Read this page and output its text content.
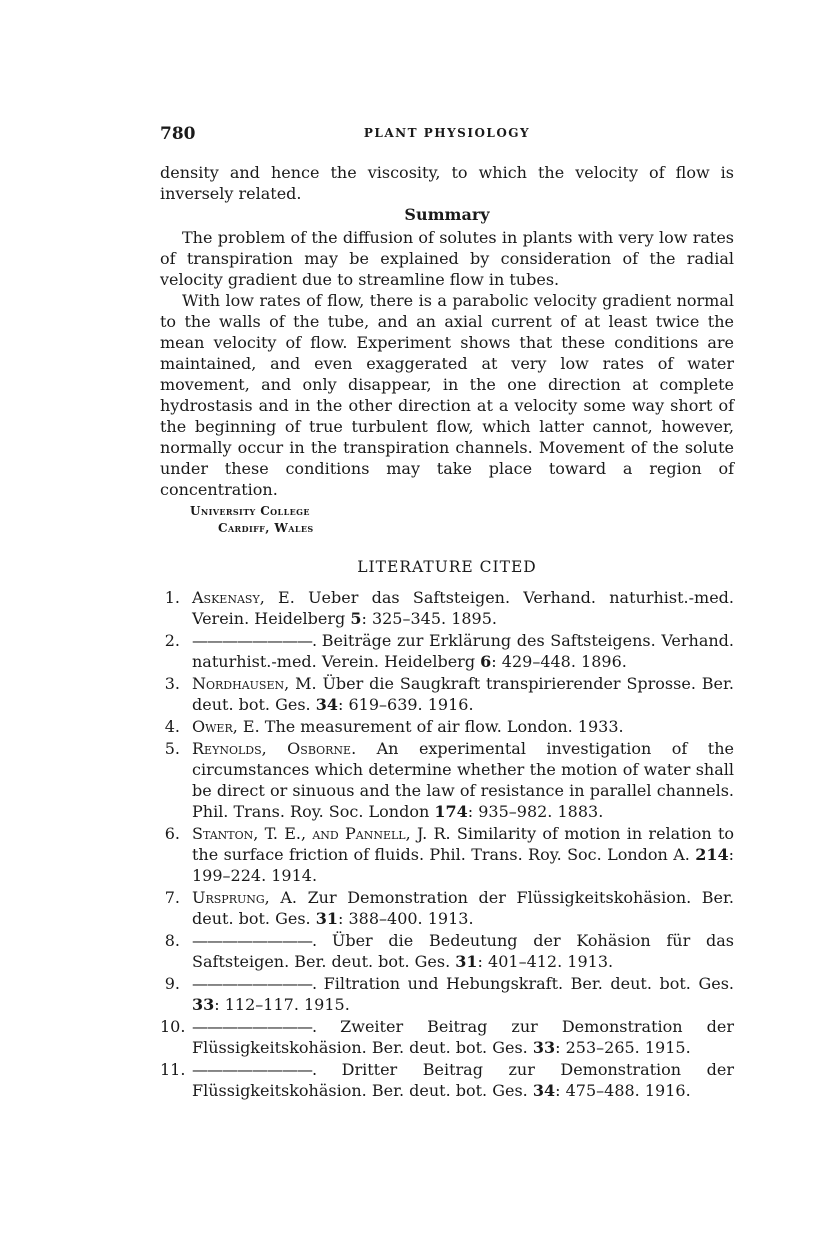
780	PLANT PHYSIOLOGY

density and hence the viscosity, to which the velocity of flow is inversely related.

Summary

The problem of the diffusion of solutes in plants with very low rates of transpiration may be explained by consideration of the radial velocity gradient due to streamline flow in tubes.

With low rates of flow, there is a parabolic velocity gradient normal to the walls of the tube, and an axial current of at least twice the mean velocity of flow. Experiment shows that these conditions are maintained, and even exaggerated at very low rates of water movement, and only disappear, in the one direction at complete hydrostasis and in the other direction at a velocity some way short of the beginning of true turbulent flow, which latter cannot, however, normally occur in the transpiration channels. Movement of the solute under these conditions may take place toward a region of concentration.

University College
Cardiff, Wales
LITERATURE CITED
1. Askenasy, E. Ueber das Saftsteigen. Verhand. naturhist.-med. Verein. Heidelberg 5: 325–345. 1895.
2. ————————. Beiträge zur Erklärung des Saftsteigens. Verhand. naturhist.-med. Verein. Heidelberg 6: 429–448. 1896.
3. Nordhausen, M. Über die Saugkraft transpirierender Sprosse. Ber. deut. bot. Ges. 34: 619–639. 1916.
4. Ower, E. The measurement of air flow. London. 1933.
5. Reynolds, Osborne. An experimental investigation of the circumstances which determine whether the motion of water shall be direct or sinuous and the law of resistance in parallel channels. Phil. Trans. Roy. Soc. London 174: 935–982. 1883.
6. Stanton, T. E., and Pannell, J. R. Similarity of motion in relation to the surface friction of fluids. Phil. Trans. Roy. Soc. London A. 214: 199–224. 1914.
7. Ursprung, A. Zur Demonstration der Flüssigkeitskohäsion. Ber. deut. bot. Ges. 31: 388–400. 1913.
8. ————————. Über die Bedeutung der Kohäsion für das Saftsteigen. Ber. deut. bot. Ges. 31: 401–412. 1913.
9. ————————. Filtration und Hebungskraft. Ber. deut. bot. Ges. 33: 112–117. 1915.
10. ————————. Zweiter Beitrag zur Demonstration der Flüssigkeitskohäsion. Ber. deut. bot. Ges. 33: 253–265. 1915.
11. ————————. Dritter Beitrag zur Demonstration der Flüssigkeitskohäsion. Ber. deut. bot. Ges. 34: 475–488. 1916.
